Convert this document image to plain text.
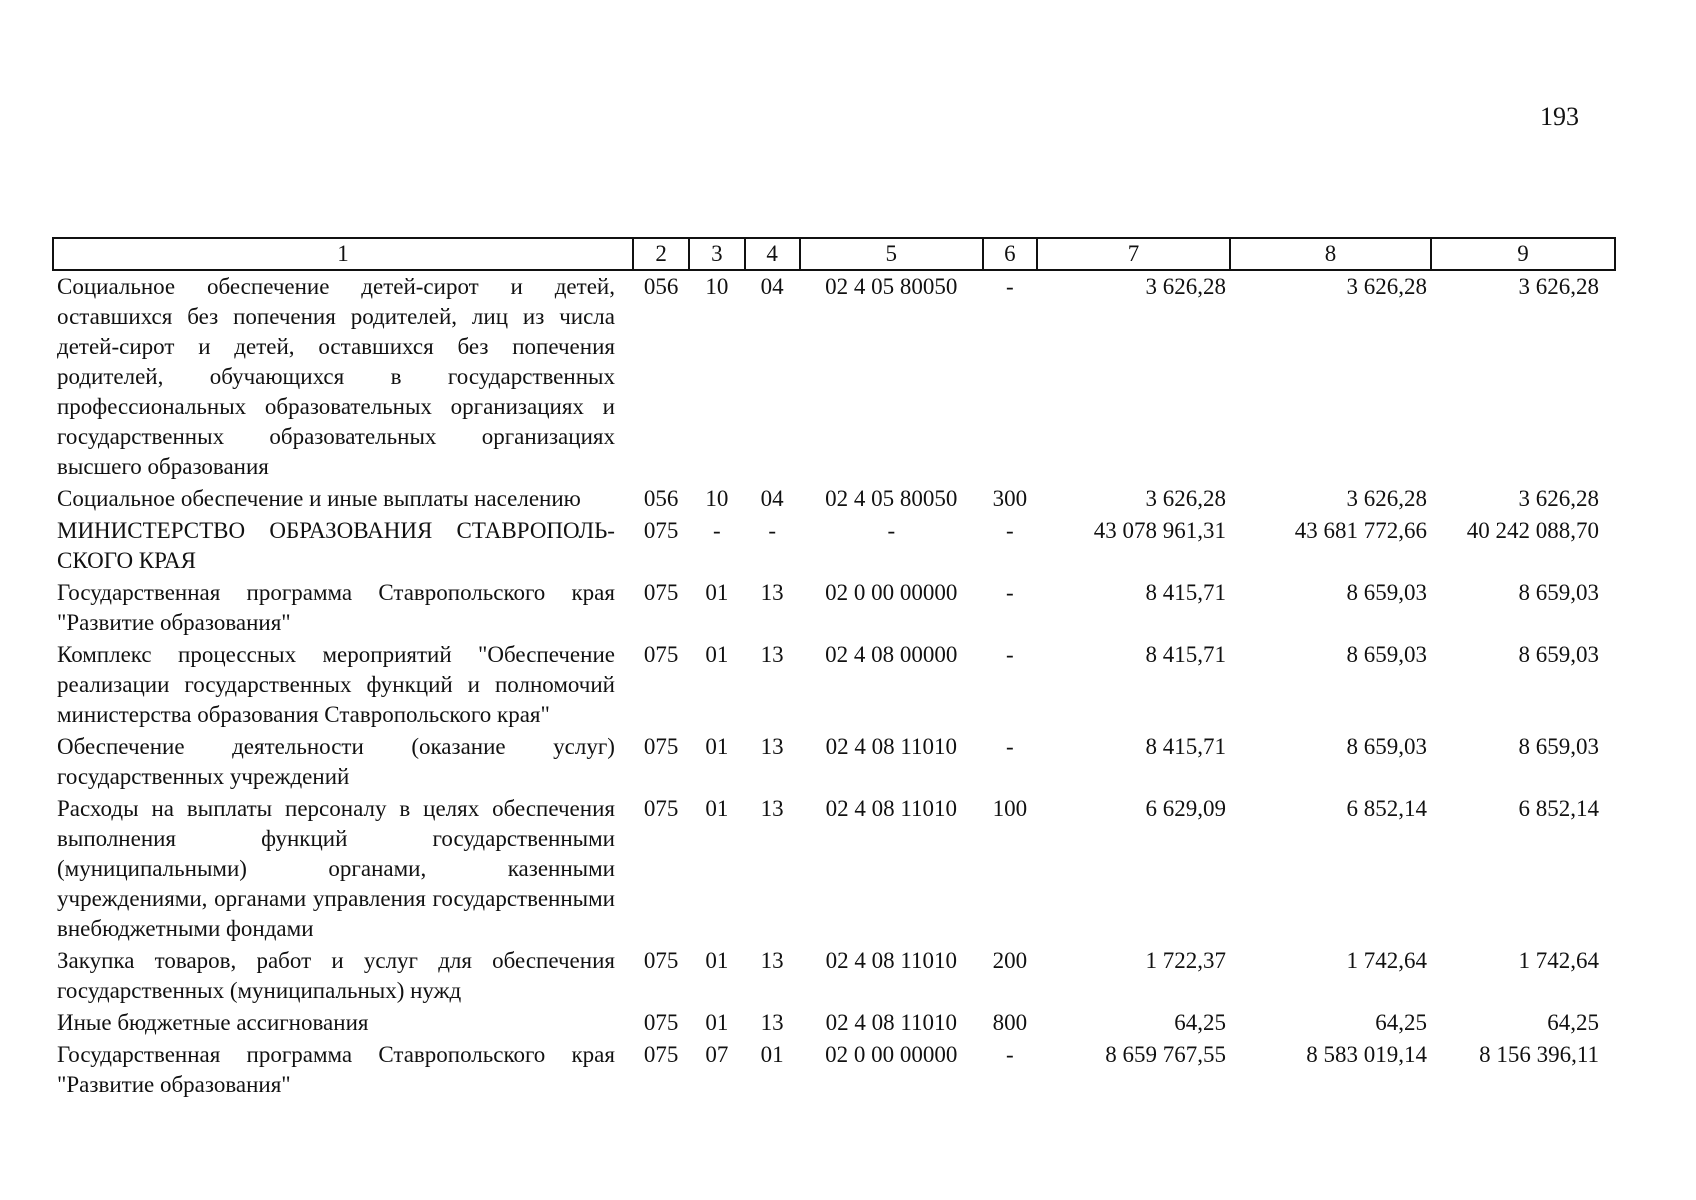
193
1	2	3	4	5	6	7	8	9
Социальное обеспечение детей-сирот и детей, оставшихся без попечения родителей, лиц из числа детей-сирот и детей, оставшихся без попечения родителей, обучающихся в государственных профессиональных образовательных организациях и государственных образовательных организациях высшего образования	056	10	04	02 4 05 80050	-	3 626,28	3 626,28	3 626,28
Социальное обеспечение и иные выплаты населению	056	10	04	02 4 05 80050	300	3 626,28	3 626,28	3 626,28
МИНИСТЕРСТВО ОБРАЗОВАНИЯ СТАВРОПОЛЬ-СКОГО КРАЯ	075	-	-	-	-	43 078 961,31	43 681 772,66	40 242 088,70
Государственная программа Ставропольского края "Развитие образования"	075	01	13	02 0 00 00000	-	8 415,71	8 659,03	8 659,03
Комплекс процессных мероприятий "Обеспечение реализации государственных функций и полномочий министерства образования Ставропольского края"	075	01	13	02 4 08 00000	-	8 415,71	8 659,03	8 659,03
Обеспечение деятельности (оказание услуг) государственных учреждений	075	01	13	02 4 08 11010	-	8 415,71	8 659,03	8 659,03
Расходы на выплаты персоналу в целях обеспечения выполнения функций государственными (муниципальными) органами, казенными учреждениями, органами управления государственными внебюджетными фондами	075	01	13	02 4 08 11010	100	6 629,09	6 852,14	6 852,14
Закупка товаров, работ и услуг для обеспечения государственных (муниципальных) нужд	075	01	13	02 4 08 11010	200	1 722,37	1 742,64	1 742,64
Иные бюджетные ассигнования	075	01	13	02 4 08 11010	800	64,25	64,25	64,25
Государственная программа Ставропольского края "Развитие образования"	075	07	01	02 0 00 00000	-	8 659 767,55	8 583 019,14	8 156 396,11
